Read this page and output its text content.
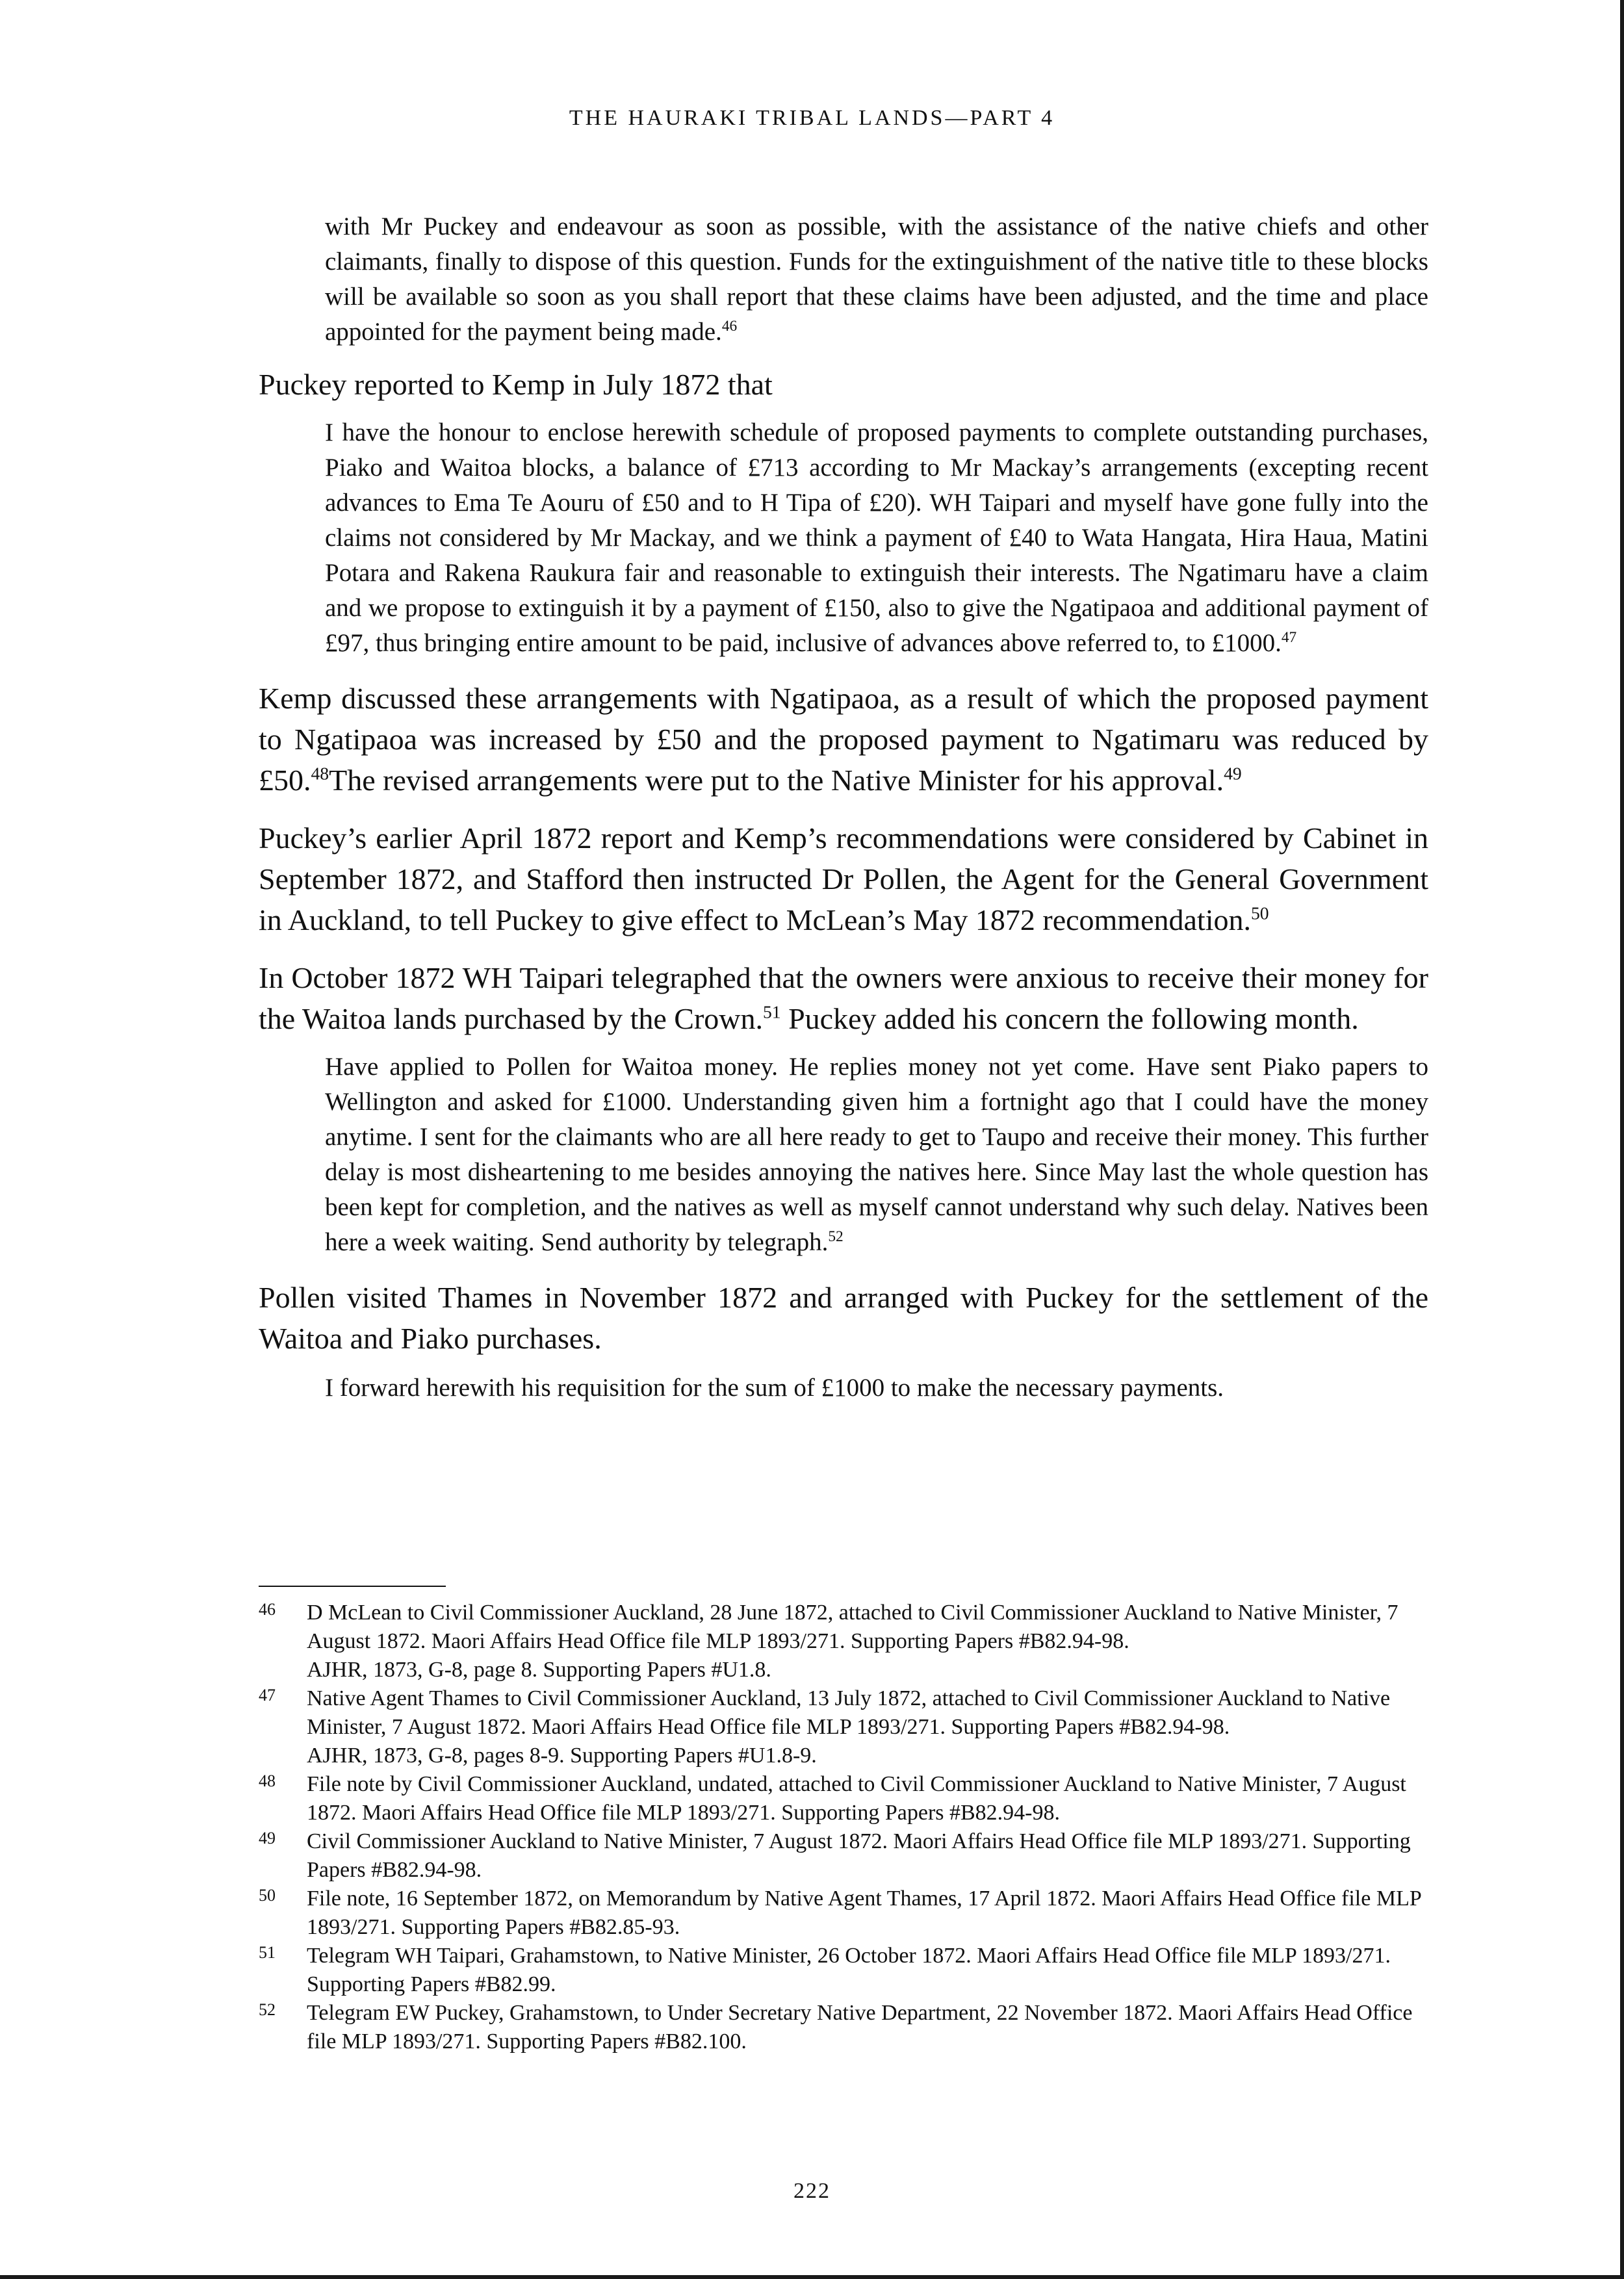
THE HAURAKI TRIBAL LANDS—PART 4
with Mr Puckey and endeavour as soon as possible, with the assistance of the native chiefs and other claimants, finally to dispose of this question. Funds for the extinguishment of the native title to these blocks will be available so soon as you shall report that these claims have been adjusted, and the time and place appointed for the payment being made.$^{46}$
Puckey reported to Kemp in July 1872 that
I have the honour to enclose herewith schedule of proposed payments to complete outstanding purchases, Piako and Waitoa blocks, a balance of £713 according to Mr Mackay’s arrangements (excepting recent advances to Ema Te Aouru of £50 and to H Tipa of £20). WH Taipari and myself have gone fully into the claims not considered by Mr Mackay, and we think a payment of £40 to Wata Hangata, Hira Haua, Matini Potara and Rakena Raukura fair and reasonable to extinguish their interests. The Ngatimaru have a claim and we propose to extinguish it by a payment of £150, also to give the Ngatipaoa and additional payment of £97, thus bringing entire amount to be paid, inclusive of advances above referred to, to £1000.47
Kemp discussed these arrangements with Ngatipaoa, as a result of which the proposed payment to Ngatipaoa was increased by £50 and the proposed payment to Ngatimaru was reduced by £50.48The revised arrangements were put to the Native Minister for his approval.$^{49}$
Puckey’s earlier April 1872 report and Kemp’s recommendations were considered by Cabinet in September 1872, and Stafford then instructed Dr Pollen, the Agent for the General Government in Auckland, to tell Puckey to give effect to McLean’s May 1872 recommendation.$^{50}$
In October 1872 WH Taipari telegraphed that the owners were anxious to receive their money for the Waitoa lands purchased by the Crown.$^{51}$ Puckey added his concern the following month.
Have applied to Pollen for Waitoa money. He replies money not yet come. Have sent Piako papers to Wellington and asked for £1000. Understanding given him a fortnight ago that I could have the money anytime. I sent for the claimants who are all here ready to get to Taupo and receive their money. This further delay is most disheartening to me besides annoying the natives here. Since May last the whole question has been kept for completion, and the natives as well as myself cannot understand why such delay. Natives been here a week waiting. Send authority by telegraph.$^{52}$
Pollen visited Thames in November 1872 and arranged with Puckey for the settlement of the Waitoa and Piako purchases.
I forward herewith his requisition for the sum of £1000 to make the necessary payments.
46	D McLean to Civil Commissioner Auckland, 28 June 1872, attached to Civil Commissioner Auckland to Native Minister, 7 August 1872. Maori Affairs Head Office file MLP 1893/271. Supporting Papers #B82.94-98.
AJHR, 1873, G-8, page 8. Supporting Papers #U1.8.
47	Native Agent Thames to Civil Commissioner Auckland, 13 July 1872, attached to Civil Commissioner Auckland to Native Minister, 7 August 1872. Maori Affairs Head Office file MLP 1893/271. Supporting Papers #B82.94-98.
AJHR, 1873, G-8, pages 8-9. Supporting Papers #U1.8-9.
48	File note by Civil Commissioner Auckland, undated, attached to Civil Commissioner Auckland to Native Minister, 7 August 1872. Maori Affairs Head Office file MLP 1893/271. Supporting Papers #B82.94-98.
49	Civil Commissioner Auckland to Native Minister, 7 August 1872. Maori Affairs Head Office file MLP 1893/271. Supporting Papers #B82.94-98.
50	File note, 16 September 1872, on Memorandum by Native Agent Thames, 17 April 1872. Maori Affairs Head Office file MLP 1893/271. Supporting Papers #B82.85-93.
51	Telegram WH Taipari, Grahamstown, to Native Minister, 26 October 1872. Maori Affairs Head Office file MLP 1893/271. Supporting Papers #B82.99.
52	Telegram EW Puckey, Grahamstown, to Under Secretary Native Department, 22 November 1872. Maori Affairs Head Office file MLP 1893/271. Supporting Papers #B82.100.
222
